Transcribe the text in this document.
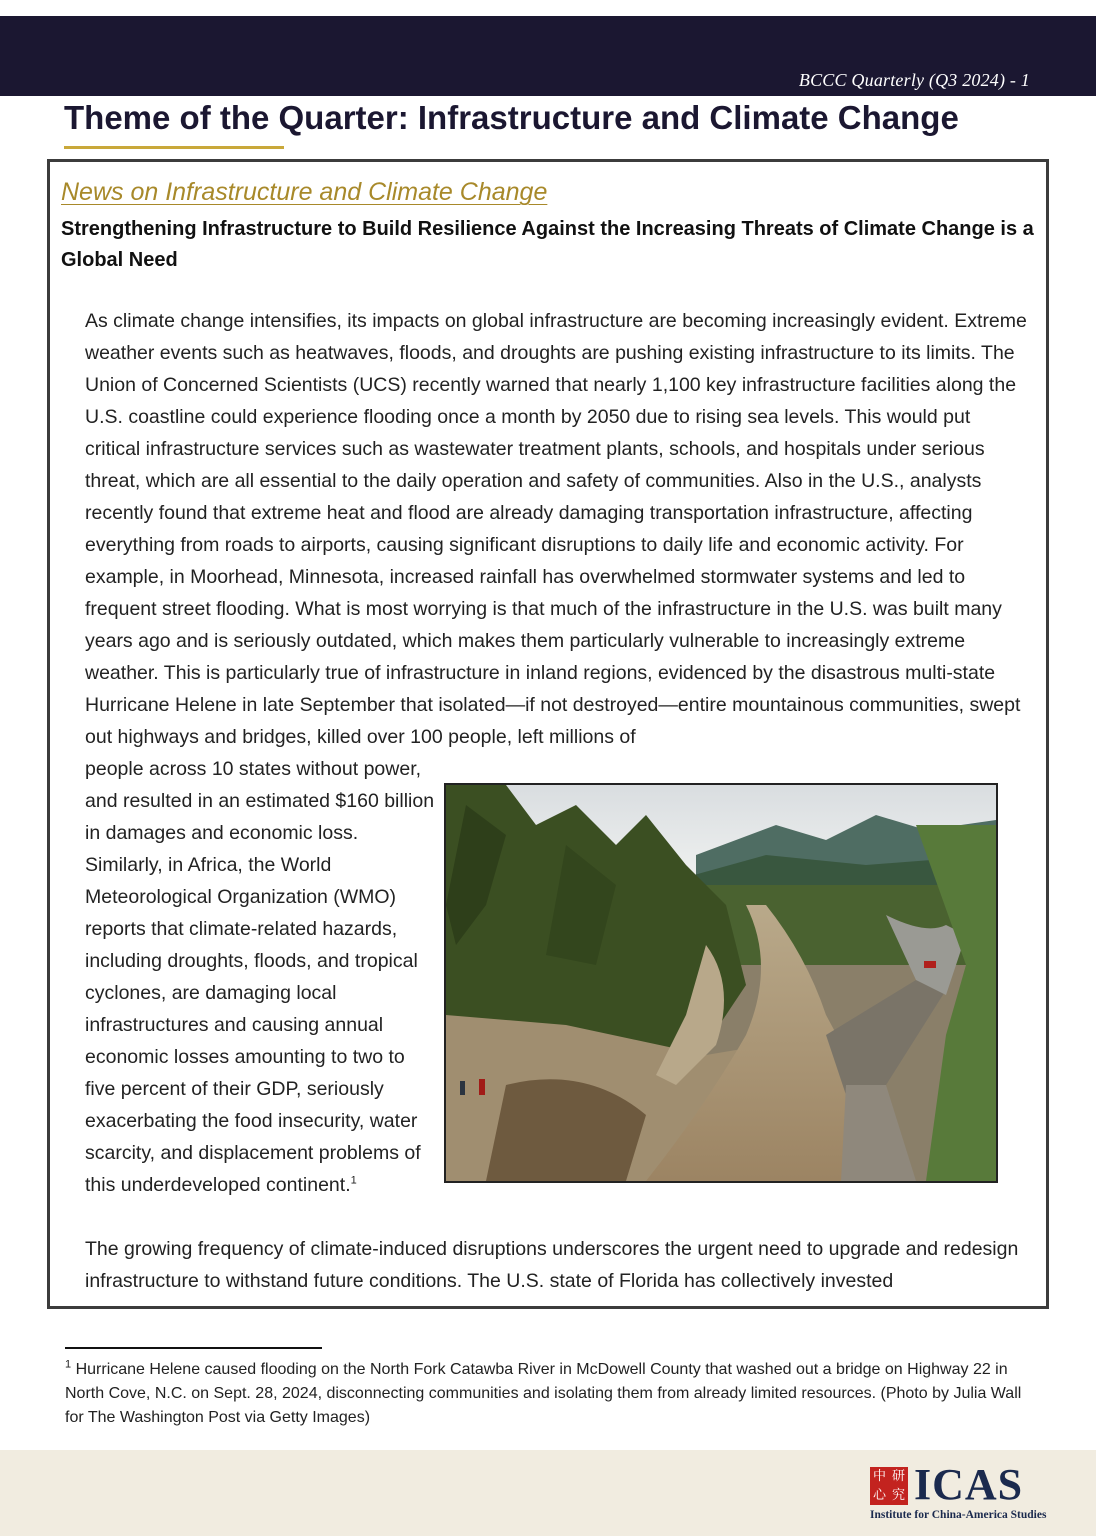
BCCC Quarterly (Q3 2024) - 1
Theme of the Quarter: Infrastructure and Climate Change
News on Infrastructure and Climate Change
Strengthening Infrastructure to Build Resilience Against the Increasing Threats of Climate Change is a Global Need

As climate change intensifies, its impacts on global infrastructure are becoming increasingly evident. Extreme weather events such as heatwaves, floods, and droughts are pushing existing infrastructure to its limits. The Union of Concerned Scientists (UCS) recently warned that nearly 1,100 key infrastructure facilities along the U.S. coastline could experience flooding once a month by 2050 due to rising sea levels. This would put critical infrastructure services such as wastewater treatment plants, schools, and hospitals under serious threat, which are all essential to the daily operation and safety of communities. Also in the U.S., analysts recently found that extreme heat and flood are already damaging transportation infrastructure, affecting everything from roads to airports, causing significant disruptions to daily life and economic activity. For example, in Moorhead, Minnesota, increased rainfall has overwhelmed stormwater systems and led to frequent street flooding. What is most worrying is that much of the infrastructure in the U.S. was built many years ago and is seriously outdated, which makes them particularly vulnerable to increasingly extreme weather. This is particularly true of infrastructure in inland regions, evidenced by the disastrous multi-state Hurricane Helene in late September that isolated—if not destroyed—entire mountainous communities, swept out highways and bridges, killed over 100 people, left millions of

people across 10 states without power, and resulted in an estimated $160 billion in damages and economic loss. Similarly, in Africa, the World Meteorological Organization (WMO) reports that climate-related hazards, including droughts, floods, and tropical cyclones, are damaging local infrastructures and causing annual economic losses amounting to two to five percent of their GDP, seriously exacerbating the food insecurity, water scarcity, and displacement problems of this underdeveloped continent.$^1$

The growing frequency of climate-induced disruptions underscores the urgent need to upgrade and redesign infrastructure to withstand future conditions. The U.S. state of Florida has collectively invested

$^1$ Hurricane Helene caused flooding on the North Fork Catawba River in McDowell County that washed out a bridge on Highway 22 in North Cove, N.C. on Sept. 28, 2024, disconnecting communities and isolating them from already limited resources. (Photo by Julia Wall for The Washington Post via Getty Images)
中 研
心 究 ICAS
Institute for China-America Studies
